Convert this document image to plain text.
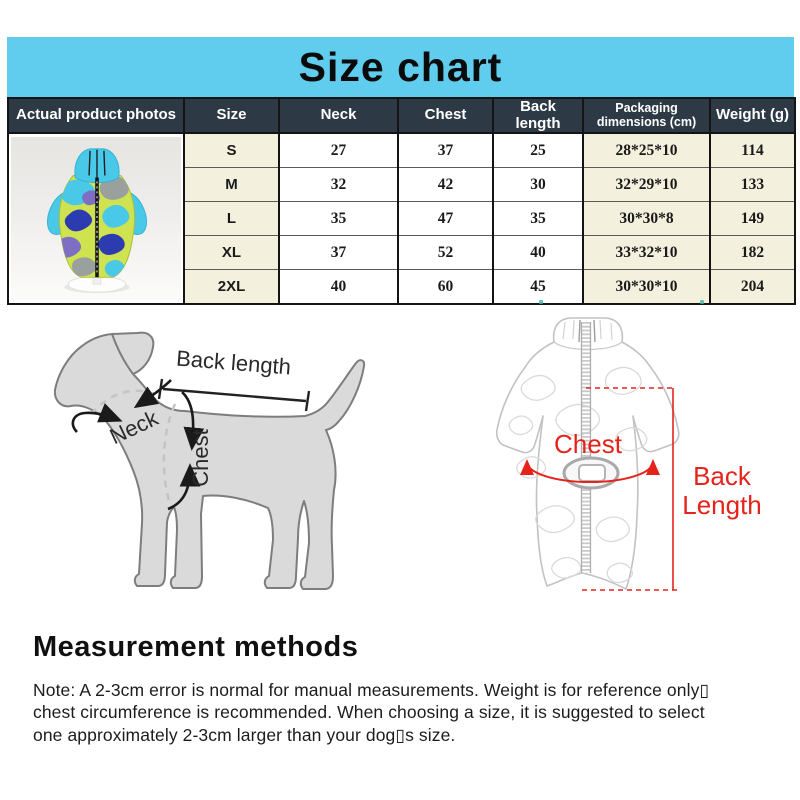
Size chart
Actual product photos	Size	Neck	Chest	Back length	Packaging dimensions (cm)	Weight (g)

	S	27	37	25	28*25*10	114
	M	32	42	30	32*29*10	133
	L	35	47	35	30*30*8	149
	XL	37	52	40	33*32*10	182
	2XL	40	60	45	30*30*10	204
Back length
Neck
Chest	Chest
Back
Length
Measurement methods
Note: A 2-3cm error is normal for manual measurements. Weight is for reference only▯
chest circumference is recommended. When choosing a size, it is suggested to select
one approximately 2-3cm larger than your dog▯s size.
